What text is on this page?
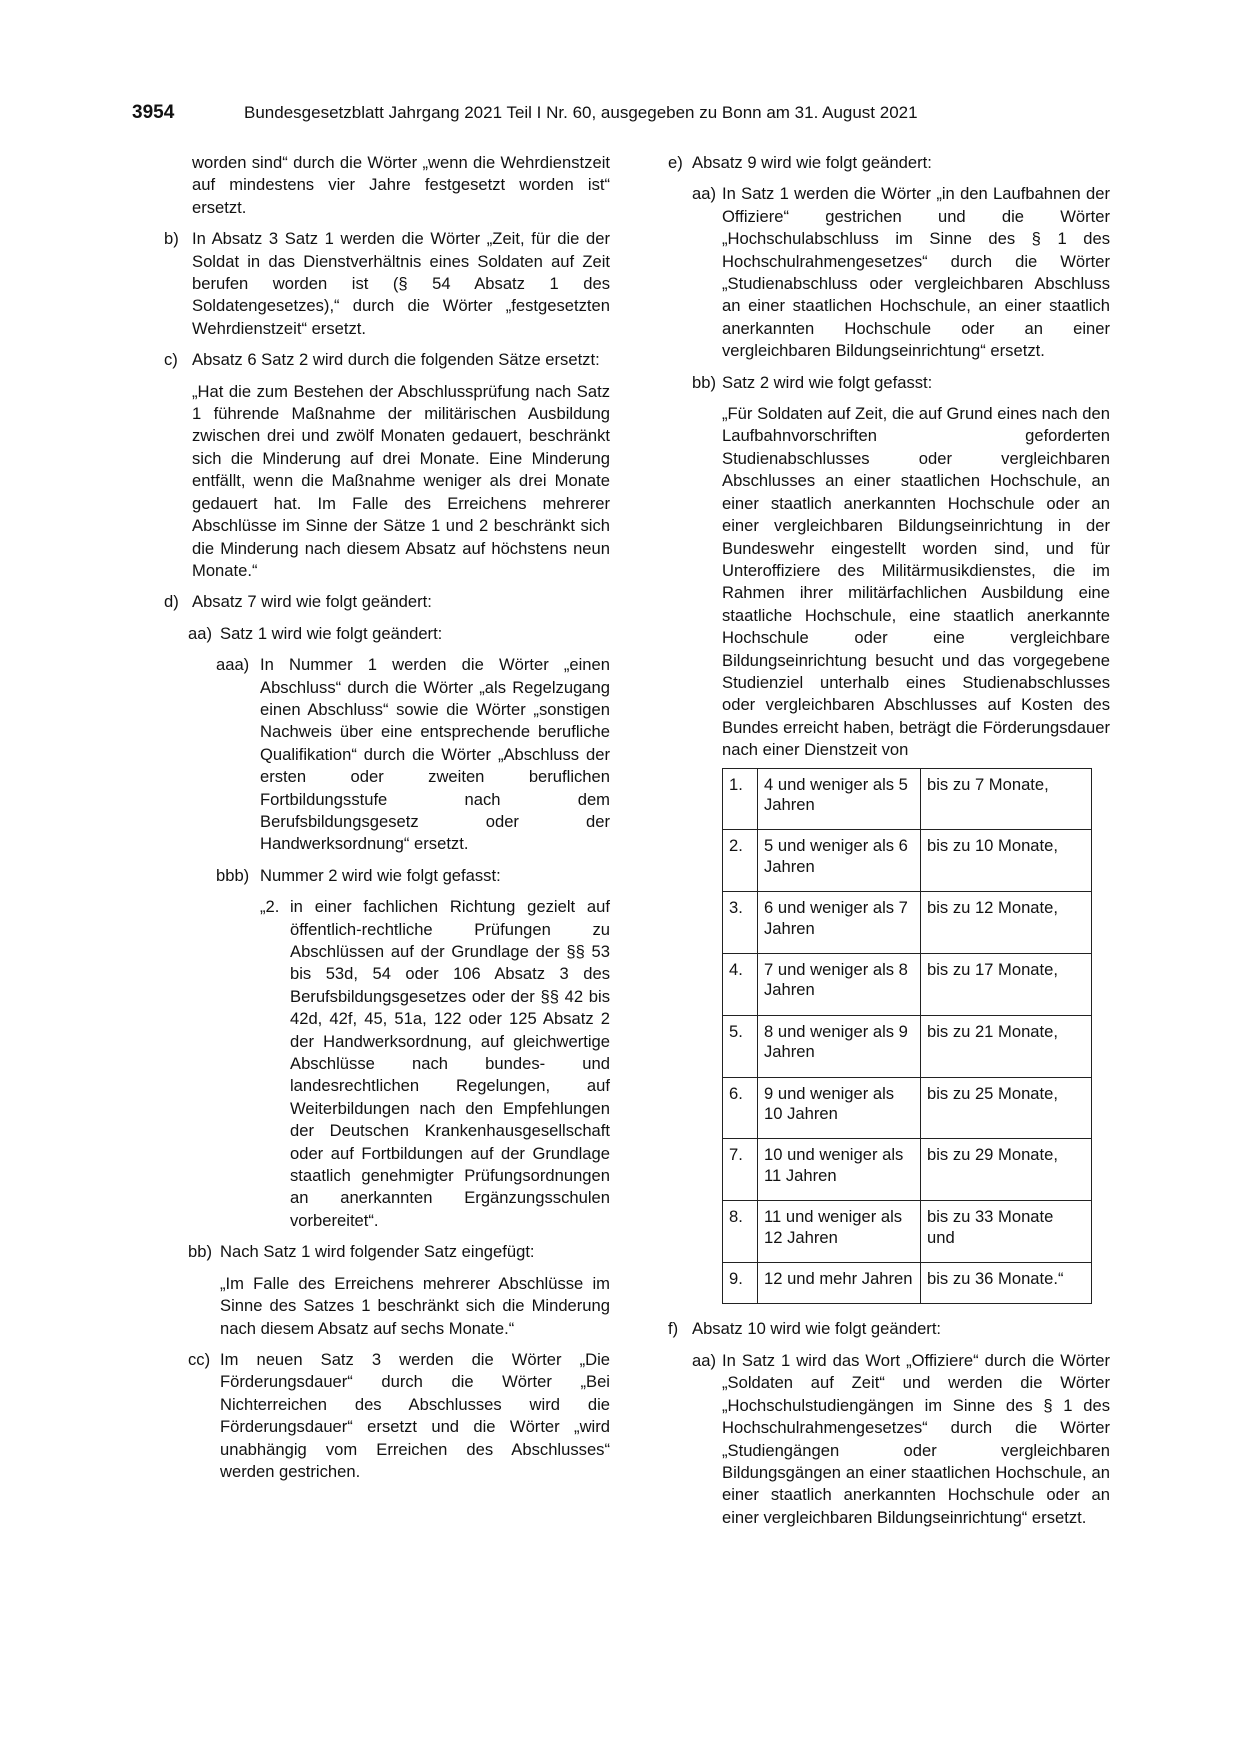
3954	Bundesgesetzblatt Jahrgang 2021 Teil I Nr. 60, ausgegeben zu Bonn am 31. August 2021

worden sind“ durch die Wörter „wenn die Wehrdienstzeit auf mindestens vier Jahre festgesetzt worden ist“ ersetzt.

b) In Absatz 3 Satz 1 werden die Wörter „Zeit, für die der Soldat in das Dienstverhältnis eines Soldaten auf Zeit berufen worden ist (§ 54 Absatz 1 des Soldatengesetzes),“ durch die Wörter „festgesetzten Wehrdienstzeit“ ersetzt.

c) Absatz 6 Satz 2 wird durch die folgenden Sätze ersetzt:

„Hat die zum Bestehen der Abschlussprüfung nach Satz 1 führende Maßnahme der militärischen Ausbildung zwischen drei und zwölf Monaten gedauert, beschränkt sich die Minderung auf drei Monate. Eine Minderung entfällt, wenn die Maßnahme weniger als drei Monate gedauert hat. Im Falle des Erreichens mehrerer Abschlüsse im Sinne der Sätze 1 und 2 beschränkt sich die Minderung nach diesem Absatz auf höchstens neun Monate.“

d) Absatz 7 wird wie folgt geändert:

aa) Satz 1 wird wie folgt geändert:

aaa) In Nummer 1 werden die Wörter „einen Abschluss“ durch die Wörter „als Regelzugang einen Abschluss“ sowie die Wörter „sonstigen Nachweis über eine entsprechende berufliche Qualifikation“ durch die Wörter „Abschluss der ersten oder zweiten beruflichen Fortbildungsstufe nach dem Berufsbildungsgesetz oder der Handwerksordnung“ ersetzt.

bbb) Nummer 2 wird wie folgt gefasst:

„2. in einer fachlichen Richtung gezielt auf öffentlich-rechtliche Prüfungen zu Abschlüssen auf der Grundlage der §§ 53 bis 53d, 54 oder 106 Absatz 3 des Berufsbildungsgesetzes oder der §§ 42 bis 42d, 42f, 45, 51a, 122 oder 125 Absatz 2 der Handwerksordnung, auf gleichwertige Abschlüsse nach bundes- und landesrechtlichen Regelungen, auf Weiterbildungen nach den Empfehlungen der Deutschen Krankenhausgesellschaft oder auf Fortbildungen auf der Grundlage staatlich genehmigter Prüfungsordnungen an anerkannten Ergänzungsschulen vorbereitet“.

bb) Nach Satz 1 wird folgender Satz eingefügt:

„Im Falle des Erreichens mehrerer Abschlüsse im Sinne des Satzes 1 beschränkt sich die Minderung nach diesem Absatz auf sechs Monate.“

cc) Im neuen Satz 3 werden die Wörter „Die Förderungsdauer“ durch die Wörter „Bei Nichterreichen des Abschlusses wird die Förderungsdauer“ ersetzt und die Wörter „wird unabhängig vom Erreichen des Abschlusses“ werden gestrichen.

e) Absatz 9 wird wie folgt geändert:

aa) In Satz 1 werden die Wörter „in den Laufbahnen der Offiziere“ gestrichen und die Wörter „Hochschulabschluss im Sinne des § 1 des Hochschulrahmengesetzes“ durch die Wörter „Studienabschluss oder vergleichbaren Abschluss an einer staatlichen Hochschule, an einer staatlich anerkannten Hochschule oder an einer vergleichbaren Bildungseinrichtung“ ersetzt.

bb) Satz 2 wird wie folgt gefasst:

„Für Soldaten auf Zeit, die auf Grund eines nach den Laufbahnvorschriften geforderten Studienabschlusses oder vergleichbaren Abschlusses an einer staatlichen Hochschule, an einer staatlich anerkannten Hochschule oder an einer vergleichbaren Bildungseinrichtung in der Bundeswehr eingestellt worden sind, und für Unteroffiziere des Militärmusikdienstes, die im Rahmen ihrer militärfachlichen Ausbildung eine staatliche Hochschule, eine staatlich anerkannte Hochschule oder eine vergleichbare Bildungseinrichtung besucht und das vorgegebene Studienziel unterhalb eines Studienabschlusses oder vergleichbaren Abschlusses auf Kosten des Bundes erreicht haben, beträgt die Förderungsdauer nach einer Dienstzeit von

1.	4 und weniger als 5 Jahren	bis zu 7 Monate,
2.	5 und weniger als 6 Jahren	bis zu 10 Monate,
3.	6 und weniger als 7 Jahren	bis zu 12 Monate,
4.	7 und weniger als 8 Jahren	bis zu 17 Monate,
5.	8 und weniger als 9 Jahren	bis zu 21 Monate,
6.	9 und weniger als 10 Jahren	bis zu 25 Monate,
7.	10 und weniger als 11 Jahren	bis zu 29 Monate,
8.	11 und weniger als 12 Jahren	bis zu 33 Monate und
9.	12 und mehr Jahren	bis zu 36 Monate.“
f) Absatz 10 wird wie folgt geändert:

aa) In Satz 1 wird das Wort „Offiziere“ durch die Wörter „Soldaten auf Zeit“ und werden die Wörter „Hochschulstudiengängen im Sinne des § 1 des Hochschulrahmengesetzes“ durch die Wörter „Studiengängen oder vergleichbaren Bildungsgängen an einer staatlichen Hochschule, an einer staatlich anerkannten Hochschule oder an einer vergleichbaren Bildungseinrichtung“ ersetzt.
